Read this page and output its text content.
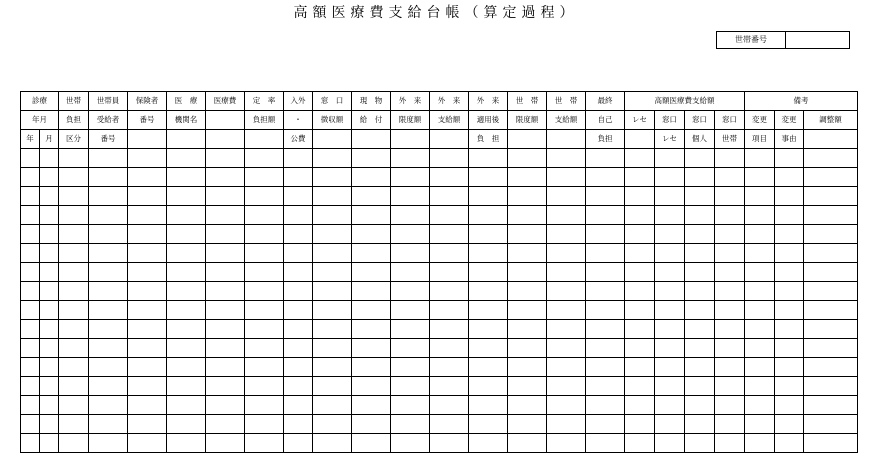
高額医療費支給台帳（算定過程）
世帯番号
診療		世帯	世帯員	保険者	医　療	医療費	定　率	入外	窓　口	現　物	外　来	外　来	外　来	世　帯	世　帯	最終	高額医療費支給額				備考		
年月		負担	受給者	番号	機関名		負担額	・	徴収額	給　付	限度額	支給額	適用後	限度額	支給額	自己	レセ	窓口	窓口	窓口	変更	変更	調整額
年	月	区分	番号					公費					負　担			負担		レセ	個人	世帯	項目	事由	
